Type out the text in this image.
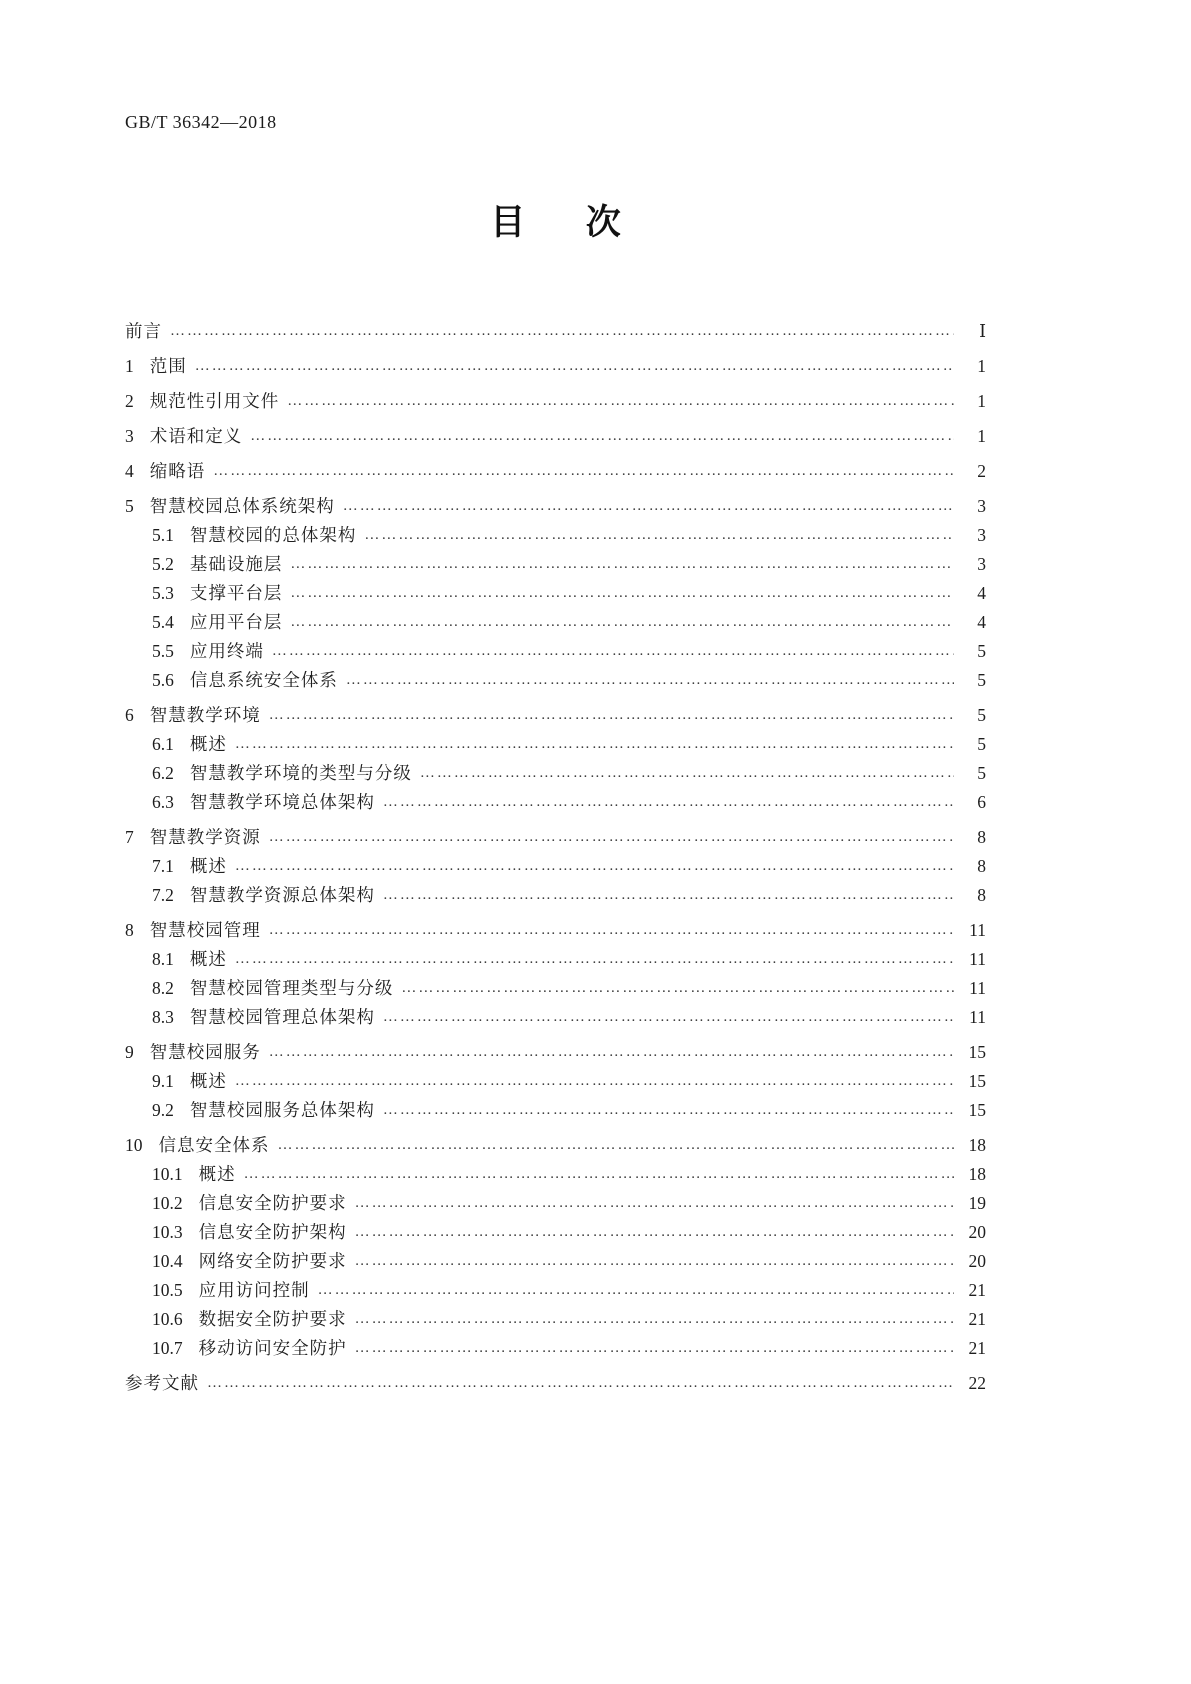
GB/T 36342—2018
目 次
前言 ……………………………………………………………………………………………………………………………………………………………………………………………………………………………………	Ⅰ
1 范围 ……………………………………………………………………………………………………………………………………………………………………………………………………………………………………	1
2 规范性引用文件 ……………………………………………………………………………………………………………………………………………………………………………………………………………………………………	1
3 术语和定义 ……………………………………………………………………………………………………………………………………………………………………………………………………………………………………	1
4 缩略语 ……………………………………………………………………………………………………………………………………………………………………………………………………………………………………	2
5 智慧校园总体系统架构 ……………………………………………………………………………………………………………………………………………………………………………………………………………………………………	3
5.1 智慧校园的总体架构 ……………………………………………………………………………………………………………………………………………………………………………………………………………………………………	3
5.2 基础设施层 ……………………………………………………………………………………………………………………………………………………………………………………………………………………………………	3
5.3 支撑平台层 ……………………………………………………………………………………………………………………………………………………………………………………………………………………………………	4
5.4 应用平台层 ……………………………………………………………………………………………………………………………………………………………………………………………………………………………………	4
5.5 应用终端 ……………………………………………………………………………………………………………………………………………………………………………………………………………………………………	5
5.6 信息系统安全体系 ……………………………………………………………………………………………………………………………………………………………………………………………………………………………………	5
6 智慧教学环境 ……………………………………………………………………………………………………………………………………………………………………………………………………………………………………	5
6.1 概述 ……………………………………………………………………………………………………………………………………………………………………………………………………………………………………	5
6.2 智慧教学环境的类型与分级 ……………………………………………………………………………………………………………………………………………………………………………………………………………………………………	5
6.3 智慧教学环境总体架构 ……………………………………………………………………………………………………………………………………………………………………………………………………………………………………	6
7 智慧教学资源 ……………………………………………………………………………………………………………………………………………………………………………………………………………………………………	8
7.1 概述 ……………………………………………………………………………………………………………………………………………………………………………………………………………………………………	8
7.2 智慧教学资源总体架构 ……………………………………………………………………………………………………………………………………………………………………………………………………………………………………	8
8 智慧校园管理 ……………………………………………………………………………………………………………………………………………………………………………………………………………………………………	11
8.1 概述 ……………………………………………………………………………………………………………………………………………………………………………………………………………………………………	11
8.2 智慧校园管理类型与分级 ……………………………………………………………………………………………………………………………………………………………………………………………………………………………………	11
8.3 智慧校园管理总体架构 ……………………………………………………………………………………………………………………………………………………………………………………………………………………………………	11
9 智慧校园服务 ……………………………………………………………………………………………………………………………………………………………………………………………………………………………………	15
9.1 概述 ……………………………………………………………………………………………………………………………………………………………………………………………………………………………………	15
9.2 智慧校园服务总体架构 ……………………………………………………………………………………………………………………………………………………………………………………………………………………………………	15
10 信息安全体系 ……………………………………………………………………………………………………………………………………………………………………………………………………………………………………	18
10.1 概述 ……………………………………………………………………………………………………………………………………………………………………………………………………………………………………	18
10.2 信息安全防护要求 ……………………………………………………………………………………………………………………………………………………………………………………………………………………………………	19
10.3 信息安全防护架构 ……………………………………………………………………………………………………………………………………………………………………………………………………………………………………	20
10.4 网络安全防护要求 ……………………………………………………………………………………………………………………………………………………………………………………………………………………………………	20
10.5 应用访问控制 ……………………………………………………………………………………………………………………………………………………………………………………………………………………………………	21
10.6 数据安全防护要求 ……………………………………………………………………………………………………………………………………………………………………………………………………………………………………	21
10.7 移动访问安全防护 ……………………………………………………………………………………………………………………………………………………………………………………………………………………………………	21
参考文献 ……………………………………………………………………………………………………………………………………………………………………………………………………………………………………	22
